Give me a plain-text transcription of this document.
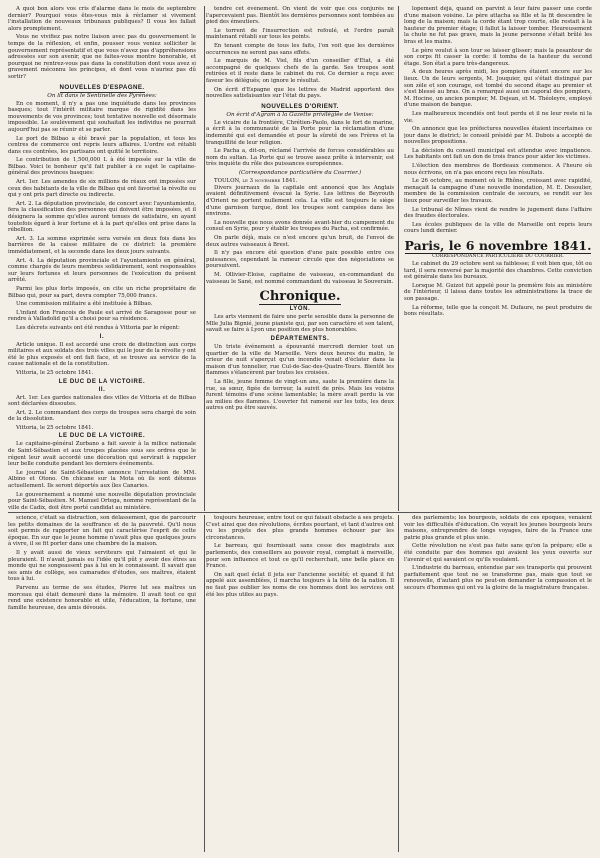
A quoi bon alors vos cris d'alarme dans le mois de septembre dernier? Pourquoi vous êtes-vous mis à réclamer si vivement l'installation de nouveaux tribunaux publiques? Il vous les fallait alors promptement.

Vous ne vivifiez pas notre liaison avec pas du gouvernement le temps de la réflexion, et enfin, pousser vous veniez solliciter le gouvernement représentatif et que vous n'avez pas d'appréhensions adressées sur son avenir, que ne faites-vous montre honorable, et pourquoi ne rentrez-vous pas dans la constitution dont vous avez si gravement méconnu les principes, et dont vous n'auriez pas dû sortir?

NOUVELLES D'ESPAGNE.
On lit dans le Sentinelle des Pyrénées:

En ce moment, il n'y a pas une inquiétude dans les provinces basques; tout l'intérêt militaire marque de rigidité dans les mouvements de vos provinces; tout tentative nouvelle est désormais impossible. Le soulèvement qui souhaitait les individus ne pourrait aujourd'hui pas se réunir et se parler.

Le port de Bilbao a été bravé par la population, et tous les centres de commerce ont repris leurs affaires. L'ordre est rétabli dans ces contrées, les partisans ont quitté le territoire.

Le contribution de 1,500,000 L à été imposée sur la ville de Bilbao. Voici le bonheur qu'il fait publier à ce sujet le capitaine-général des provinces basques:

Art. 1er. Les amendes de six millions de réaux ont imposées sur ceux des habitants de la ville de Bilbao qui ont favorisé la révolte ou qui y ont pris part directe ou indirecte.

Art. 2. La députation provinciale, de concert avec l'ayuntamiento, fera la classification des personnes qui doivent être imposées, et il désignera la somme qu'elles auront tenues de satisfaire, en ayant toutefois égard à leur fortune et à la part qu'elles ont prise dans la rébellion.

Art. 3. La somme exprimée sera versée en deux fois dans les barrières de la caisse militaire de ce district: la première immédiatement, et la seconde dans les deux jours suivants.

Art. 4. La députation provinciale et l'ayuntamiento en général, comme chargés de leurs membres solidairement, sont responsables sur leurs fortunes et leurs personnes de l'exécution du présent arrêté.

Parmi les plus forts imposés, on cite un riche propriétaire de Bilbao qui, pour sa part, devra compter 75,000 francs.

Une commission militaire a été instituée à Bilbao.

L'infant don Francois de Paule est arrivé de Saragosse pour se rendre à Valladolid qu'il a choisi pour sa résidence.

Les décrets suivants ont été rendus à Vittoria par le régent:

I.

Article unique. Il est accordé une croix de distinction aux corps militaires et aux soldats des trois villes qui le jour de la révolte y ont été le plus exposés et ont fait face, et se trouve au service de la cause nationale et de la constitution.

Vittoria, le 25 octobre 1841.

LE DUC DE LA VICTOIRE.
II.

Art. 1er. Les gardes nationales des villes de Vittoria et de Bilbao sont déclarées dissoutes.

Art. 2. Le commandant des corps de troupes sera chargé du soin de la dissolution.

Vittoria, le 25 octobre 1841.

LE DUC DE LA VICTOIRE.

Le capitaine-général Zurbano a fait savoir à la milice nationale de Saint-Sébastien et aux troupes placées sous ses ordres que le régent leur avait accordé une décoration qui servirait à rappeler leur belle conduite pendant les derniers événements.

Le journal de Saint-Sébastien annonce l'arrestation de MM. Albino et Otono. On chicane sur la Mota où ils sont détenus actuellement. Ils seront déportés aux îles Canaries.

Le gouvernement a nommé une nouvelle députation provinciale pour Saint-Sébastien. M. Manuel Ortega, nommé représentant de la ville de Cadix, doit être porté candidat au ministère.

tendre cet événement. On vient de voir que ces conjurés ne l'apercevaient pas. Bientôt les dernières personnes sont tombées au pied des émeutiers.

Le torrent de l'insurrection est refoulé, et l'ordre paraît maintenant rétabli sur tous les points.

En tenant compte de tous les faits, l'on voit que les dernières occurrences ne seront pas sans effets.

Le marquis de M. Viel, fils d'un conseiller d'Etat, a été accompagné de quelques chefs de la garde. Ses troupes sont retirées et il reste dans le cabinet du roi. Ce dernier a reçu avec faveur les délégués; on ignore le résultat.

On écrit d'Espagne que les lettres de Madrid apportent des nouvelles satisfaisantes sur l'état du pays.

NOUVELLES D'ORIENT.
On écrit d'Agram à la Gazette privilégiée de Venise:

Le vicaire de la frontière, Chrétien-Paolo, dans le fort de marine, a écrit à la communauté de la Porte pour la réclamation d'une indemnité qui est demandée et pour la sûreté de ses Frères et la tranquillité de leur religion.

Le Pacha a, dit-on, réclamé l'arrivée de forces considérables au nom du sultan. La Porte qui se trouve assez prête à intervenir, est très inquiète du rôle des puissances européennes.

(Correspondance particulière du Courrier.)
TOULON, le 3 novembre 1841.

Divers journaux de la capitale ont annoncé que les Anglais avaient définitivement évacué la Syrie. Les lettres de Beyrouth d'Orient ne portent nullement cela. La ville est toujours le siège d'une garnison turque, dont les troupes sont campées dans les environs.

La nouvelle que nous avons donnée avant-hier du campement du consul en Syrie, pour y établir les troupes du Pacha, est confirmée.

On parle déjà, mais ce n'est encore qu'un bruit, de l'envoi de deux autres vaisseaux à Brest.

Il n'y pas encore été question d'une paix possible entre ces puissances, cependant la rumeur circule que des négociations se poursuivent.

M. Ollivier-Eloise, capitaine de vaisseau, ex-commandant du vaisseau le Sané, est nommé commandant du vaisseau le Souverain.

Chronique.
LYON.

Les arts viennent de faire une perte sensible dans la personne de Mlle Julia Bignié, jeune pianiste qui, par son caractère et son talent, savait se faire à Lyon une position des plus honorables.

DÉPARTEMENTS.

Un triste événement a épouvanté mercredi dernier tout un quartier de la ville de Marseille. Vers deux heures du matin, le crieur de nuit s'aperçut qu'un incendie venait d'éclater dans la maison d'un tonnelier, rue Cul-de-Sac-des-Quatre-Tours. Bientôt les flammes s'élancèrent par toutes les croisées.

La fille, jeune femme de vingt-un ans, saute la première dans la rue, sa sœur, figée de terreur, la suivit de près. Mais les voisins furent témoins d'une scène lamentable; la mère avait perdu la vie au milieu des flammes. L'ouvrier fut ramené sur les toits, les deux autres ont pu être sauvés.

lopement déjà, quand on parvint à leur faire passer une corde d'une maison voisine. Le père attacha sa fille et la fit descendre le long de la maison; mais la corde étant trop courte, elle restait à la hauteur du premier étage; il fallut la laisser tomber. Heureusement la chute ne fut pas grave, mais la jeune personne s'était brûlé les bras et les mains.

Le père voulut à son tour se laisser glisser; mais la pesanteur de son corps fit casser la corde: il tomba de la hauteur du second étage. Son état a paru très-dangereux.

A deux heures après midi, les pompiers étaient encore sur les lieux. Un de leurs sergents, M. Jouquier, qui s'était distingué par son zèle et son courage, est tombé du second étage au premier et s'est blessé au bras. On a remarqué aussi un caporal des pompiers, M. Hocine, un ancien pompier, M. Dejean, et M. Théoleyre, employé d'une maison de banque.

Les malheureux incendiés ont tout perdu et il ne leur reste ni la vie.

On annonce que les préfectures nouvelles étaient incertaines ce jour dans le district; le conseil présidé par M. Dubois a accepté de nouvelles propositions.

La décision du conseil municipal est attendue avec impatience. Les habitants ont fait un don de trois francs pour aider les victimes.

L'élection des membres de Bordeaux commence. A l'heure où nous écrivons, on n'a pas encore reçu les résultats.

Le 26 octobre, au moment où le Rhône, croissant avec rapidité, menaçait la campagne d'une nouvelle inondation, M. E. Desoulier, membre de la commission centrale de secours, se rendit sur les lieux pour surveiller les travaux.

Le tribunal de Nîmes vient de rendre le jugement dans l'affaire des fraudes électorales.

Les écoles publiques de la ville de Marseille ont repris leurs cours lundi dernier.

Paris, le 6 novembre 1841.
CORRESPONDANCE PARTICULIÈRE DU COURRIER.

Le cabinet du 29 octobre sent sa faiblesse; il voit bien que, tôt ou tard, il sera renversé par la majorité des chambres. Cette conviction est générale dans les bureaux.

Lorsque M. Guizot fut appelé pour la première fois au ministère de l'intérieur, il laissa dans toutes les administrations la trace de son passage.

La réforme, telle que la conçoit M. Dufaure, ne peut produire de bons résultats.

science, c'était sa distraction, son délassement, que de parcourir les petits domaines de la souffrance et de la pauvreté. Qu'il nous soit permis de rapporter un fait qui caractérise l'esprit de cette époque. En sur que le jeune homme n'avait plus que quelques jours à vivre, il se fit porter dans une chambre de la maison.

Il y avait aussi de vieux serviteurs qui l'aimaient et qui le pleuraient. Il n'avait jamais eu l'idée qu'il pût y avoir des êtres au monde qui ne songeassent pas à lui en le connaissant. Il savait que ses amis de collège, ses camarades d'études, ses maîtres, étaient tous à lui.

Parvenu au terme de ses études, Pierre lut ses maîtres un morceau qui était demeuré dans la mémoire. Il avait tout ce qui rend une existence honorable et utile, l'éducation, la fortune, une famille heureuse, des amis dévoués.

toujours heureuse, entre tout ce qui faisait obstacle à ses projets. C'est ainsi que des révolutions, écrites pourtant, et tant d'autres ont vu les projets des plus grands hommes échouer par les circonstances.

Le barreau, qui fournissait sans cesse des magistrats aux parlements, des conseillers au pouvoir royal, comptait à merveille, pour son influence et tout ce qu'il recherchait, une belle place en France.

On sait quel éclat il jeta sur l'ancienne société; et quand il fut appelé aux assemblées, il marcha toujours à la tête de la nation. Il ne faut pas oublier les noms de ces hommes dont les services ont été les plus utiles au pays.

des parlements; les bourgeois, soldats de ces époques, venaient voir les difficultés d'éducation. On voyait les jeunes bourgeois leurs maisons, entreprendre de longs voyages, faire de la France une patrie plus grande et plus unie.

Cette révolution ne s'est pas faite sans qu'on la prépare; elle a été conduite par des hommes qui avaient les yeux ouverts sur l'avenir et qui savaient ce qu'ils voulaient.

L'industrie du barreau, entendue par ses transports qui prouvent parfaitement que tout ne se transforme pas, mais que tout se renouvelle, d'autant plus ne peut-on demander la compassion et le secours d'hommes qui ont vu la gloire de la magistrature française.
